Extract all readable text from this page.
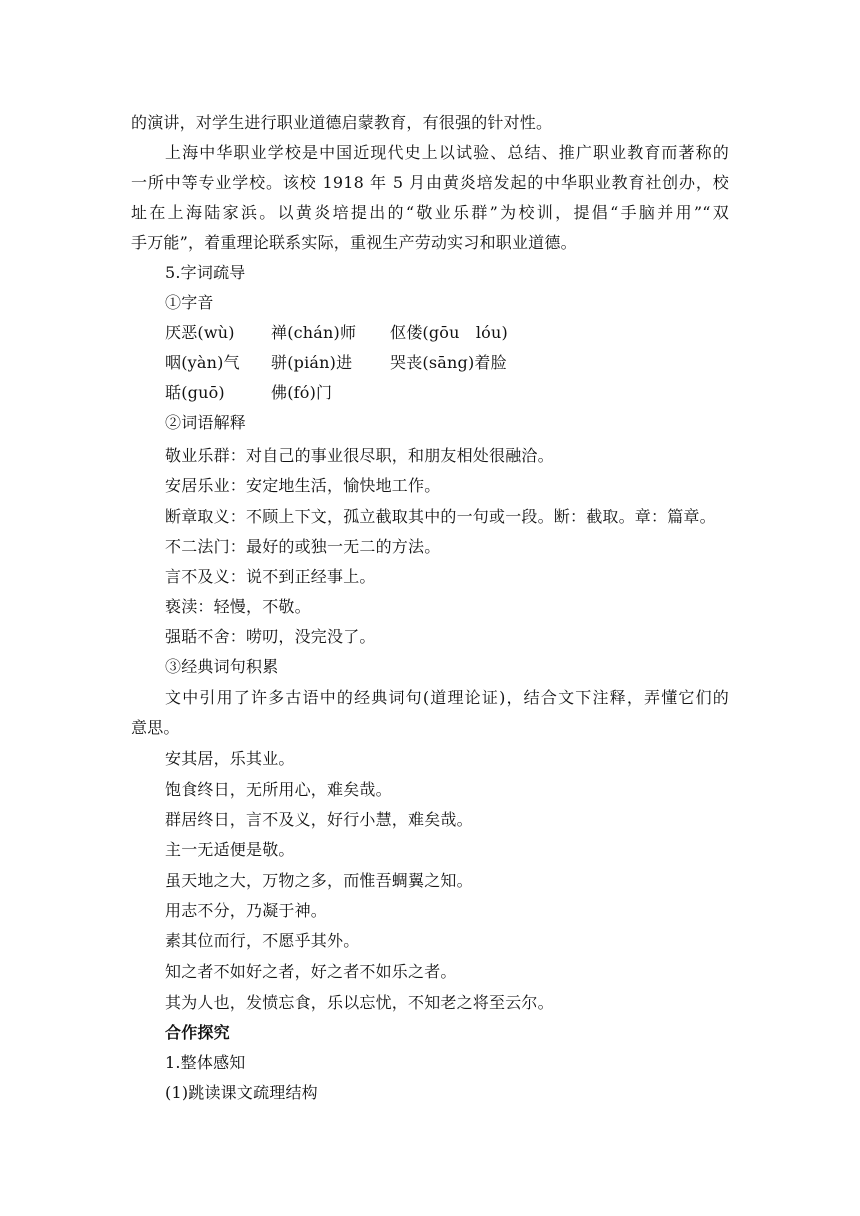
的演讲，对学生进行职业道德启蒙教育，有很强的针对性。
上海中华职业学校是中国近现代史上以试验、总结、推广职业教育而著称的
一所中等专业学校。该校 1918 年 5 月由黄炎培发起的中华职业教育社创办，校
址在上海陆家浜。以黄炎培提出的“敬业乐群”为校训，提倡“手脑并用”“双
手万能”，着重理论联系实际，重视生产劳动实习和职业道德。
5.字词疏导
①字音
厌恶(wù) 禅(chán)师 伛偻(gōu　lóu)
咽(yàn)气 骈(pián)进 哭丧(sāng)着脸
聒(guō)	佛(fó)门
②词语解释
敬业乐群：对自己的事业很尽职，和朋友相处很融洽。
安居乐业：安定地生活，愉快地工作。
断章取义：不顾上下文，孤立截取其中的一句或一段。断：截取。章：篇章。
不二法门：最好的或独一无二的方法。
言不及义：说不到正经事上。
亵渎：轻慢，不敬。
强聒不舍：唠叨，没完没了。
③经典词句积累
文中引用了许多古语中的经典词句(道理论证)，结合文下注释，弄懂它们的
意思。
安其居，乐其业。
饱食终日，无所用心，难矣哉。
群居终日，言不及义，好行小慧，难矣哉。
主一无适便是敬。
虽天地之大，万物之多，而惟吾蜩翼之知。
用志不分，乃凝于神。
素其位而行，不愿乎其外。
知之者不如好之者，好之者不如乐之者。
其为人也，发愤忘食，乐以忘忧，不知老之将至云尔。
合作探究
1.整体感知
(1)跳读课文疏理结构
